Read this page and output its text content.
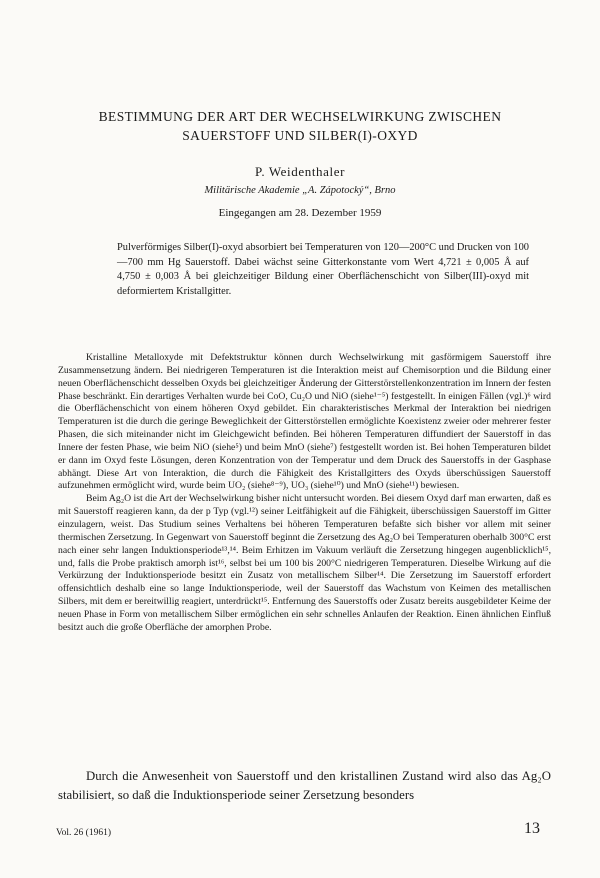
BESTIMMUNG DER ART DER WECHSELWIRKUNG ZWISCHEN
SAUERSTOFF UND SILBER(I)-OXYD
P. Weidenthaler
Militärische Akademie „A. Zápotocký“, Brno
Eingegangen am 28. Dezember 1959
Pulverförmiges Silber(I)-oxyd absorbiert bei Temperaturen von 120—200°C und Drucken von 100—700 mm Hg Sauerstoff. Dabei wächst seine Gitterkonstante vom Wert 4,721 ± 0,005 Å auf 4,750 ± 0,003 Å bei gleichzeitiger Bildung einer Oberflächenschicht von Silber(III)-oxyd mit deformiertem Kristallgitter.

Kristalline Metalloxyde mit Defektstruktur können durch Wechselwirkung mit gasförmigem Sauerstoff ihre Zusammensetzung ändern. Bei niedrigeren Temperaturen ist die Interaktion meist auf Chemisorption und die Bildung einer neuen Oberflächenschicht desselben Oxyds bei gleichzeitiger Änderung der Gitterstörstellenkonzentration im Innern der festen Phase beschränkt. Ein derartiges Verhalten wurde bei CoO, Cu₂O und NiO (siehe¹⁻⁵) festgestellt. In einigen Fällen (vgl.)⁶ wird die Oberflächenschicht von einem höheren Oxyd gebildet. Ein charakteristisches Merkmal der Interaktion bei niedrigen Temperaturen ist die durch die geringe Beweglichkeit der Gitterstörstellen ermöglichte Koexistenz zweier oder mehrerer fester Phasen, die sich miteinander nicht im Gleichgewicht befinden. Bei höheren Temperaturen diffundiert der Sauerstoff in das Innere der festen Phase, wie beim NiO (siehe⁵) und beim MnO (siehe⁷) festgestellt worden ist. Bei hohen Temperaturen bildet er dann im Oxyd feste Lösungen, deren Konzentration von der Temperatur und dem Druck des Sauerstoffs in der Gasphase abhängt. Diese Art von Interaktion, die durch die Fähigkeit des Kristallgitters des Oxyds überschüssigen Sauerstoff aufzunehmen ermöglicht wird, wurde beim UO₂ (siehe⁸⁻⁹), UO₃ (siehe¹⁰) und MnO (siehe¹¹) bewiesen.

Beim Ag₂O ist die Art der Wechselwirkung bisher nicht untersucht worden. Bei diesem Oxyd darf man erwarten, daß es mit Sauerstoff reagieren kann, da der p Typ (vgl.¹²) seiner Leitfähigkeit auf die Fähigkeit, überschüssigen Sauerstoff im Gitter einzulagern, weist. Das Studium seines Verhaltens bei höheren Temperaturen befaßte sich bisher vor allem mit seiner thermischen Zersetzung. In Gegenwart von Sauerstoff beginnt die Zersetzung des Ag₂O bei Temperaturen oberhalb 300°C erst nach einer sehr langen Induktionsperiode¹³,¹⁴. Beim Erhitzen im Vakuum verläuft die Zersetzung hingegen augenblicklich¹⁵, und, falls die Probe praktisch amorph ist¹⁶, selbst bei um 100 bis 200°C niedrigeren Temperaturen. Dieselbe Wirkung auf die Verkürzung der Induktionsperiode besitzt ein Zusatz von metallischem Silber¹⁴. Die Zersetzung im Sauerstoff erfordert offensichtlich deshalb eine so lange Induktionsperiode, weil der Sauerstoff das Wachstum von Keimen des metallischen Silbers, mit dem er bereitwillig reagiert, unterdrückt¹⁵. Entfernung des Sauerstoffs oder Zusatz bereits ausgebildeter Keime der neuen Phase in Form von metallischem Silber ermöglichen ein sehr schnelles Anlaufen der Reaktion. Einen ähnlichen Einfluß besitzt auch die große Oberfläche der amorphen Probe.

Durch die Anwesenheit von Sauerstoff und den kristallinen Zustand wird also das Ag₂O stabilisiert, so daß die Induktionsperiode seiner Zersetzung besonders

Vol. 26 (1961)	13
